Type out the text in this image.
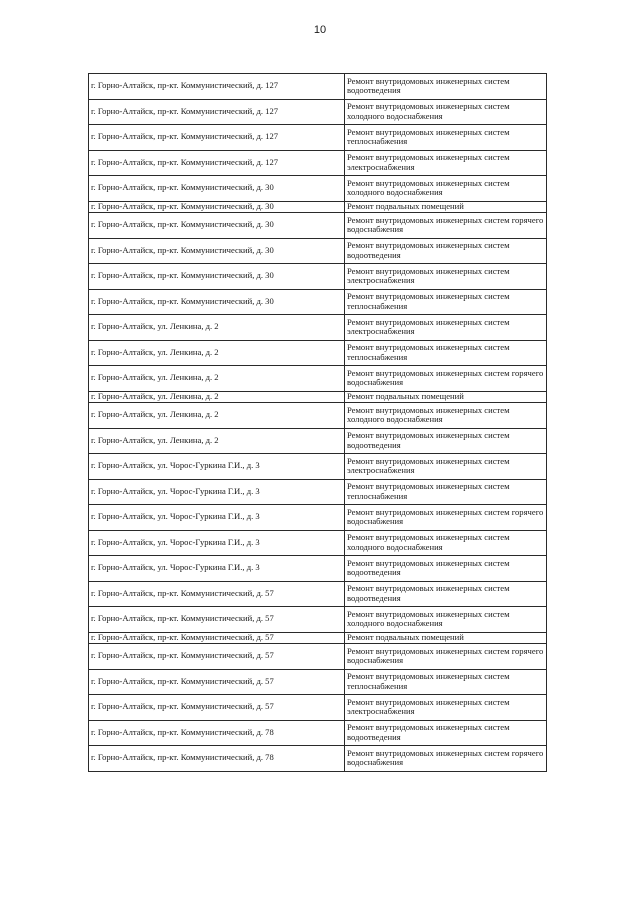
10
г. Горно-Алтайск, пр-кт. Коммунистический, д. 127	Ремонт внутридомовых инженерных систем водоотведения
г. Горно-Алтайск, пр-кт. Коммунистический, д. 127	Ремонт внутридомовых инженерных систем холодного водоснабжения
г. Горно-Алтайск, пр-кт. Коммунистический, д. 127	Ремонт внутридомовых инженерных систем теплоснабжения
г. Горно-Алтайск, пр-кт. Коммунистический, д. 127	Ремонт внутридомовых инженерных систем электроснабжения
г. Горно-Алтайск, пр-кт. Коммунистический, д. 30	Ремонт внутридомовых инженерных систем холодного водоснабжения
г. Горно-Алтайск, пр-кт. Коммунистический, д. 30	Ремонт подвальных помещений
г. Горно-Алтайск, пр-кт. Коммунистический, д. 30	Ремонт внутридомовых инженерных систем горячего водоснабжения
г. Горно-Алтайск, пр-кт. Коммунистический, д. 30	Ремонт внутридомовых инженерных систем водоотведения
г. Горно-Алтайск, пр-кт. Коммунистический, д. 30	Ремонт внутридомовых инженерных систем электроснабжения
г. Горно-Алтайск, пр-кт. Коммунистический, д. 30	Ремонт внутридомовых инженерных систем теплоснабжения
г. Горно-Алтайск, ул. Ленкина, д. 2	Ремонт внутридомовых инженерных систем электроснабжения
г. Горно-Алтайск, ул. Ленкина, д. 2	Ремонт внутридомовых инженерных систем теплоснабжения
г. Горно-Алтайск, ул. Ленкина, д. 2	Ремонт внутридомовых инженерных систем горячего водоснабжения
г. Горно-Алтайск, ул. Ленкина, д. 2	Ремонт подвальных помещений
г. Горно-Алтайск, ул. Ленкина, д. 2	Ремонт внутридомовых инженерных систем холодного водоснабжения
г. Горно-Алтайск, ул. Ленкина, д. 2	Ремонт внутридомовых инженерных систем водоотведения
г. Горно-Алтайск, ул. Чорос-Гуркина Г.И., д. 3	Ремонт внутридомовых инженерных систем электроснабжения
г. Горно-Алтайск, ул. Чорос-Гуркина Г.И., д. 3	Ремонт внутридомовых инженерных систем теплоснабжения
г. Горно-Алтайск, ул. Чорос-Гуркина Г.И., д. 3	Ремонт внутридомовых инженерных систем горячего водоснабжения
г. Горно-Алтайск, ул. Чорос-Гуркина Г.И., д. 3	Ремонт внутридомовых инженерных систем холодного водоснабжения
г. Горно-Алтайск, ул. Чорос-Гуркина Г.И., д. 3	Ремонт внутридомовых инженерных систем водоотведения
г. Горно-Алтайск, пр-кт. Коммунистический, д. 57	Ремонт внутридомовых инженерных систем водоотведения
г. Горно-Алтайск, пр-кт. Коммунистический, д. 57	Ремонт внутридомовых инженерных систем холодного водоснабжения
г. Горно-Алтайск, пр-кт. Коммунистический, д. 57	Ремонт подвальных помещений
г. Горно-Алтайск, пр-кт. Коммунистический, д. 57	Ремонт внутридомовых инженерных систем горячего водоснабжения
г. Горно-Алтайск, пр-кт. Коммунистический, д. 57	Ремонт внутридомовых инженерных систем теплоснабжения
г. Горно-Алтайск, пр-кт. Коммунистический, д. 57	Ремонт внутридомовых инженерных систем электроснабжения
г. Горно-Алтайск, пр-кт. Коммунистический, д. 78	Ремонт внутридомовых инженерных систем водоотведения
г. Горно-Алтайск, пр-кт. Коммунистический, д. 78	Ремонт внутридомовых инженерных систем горячего водоснабжения
